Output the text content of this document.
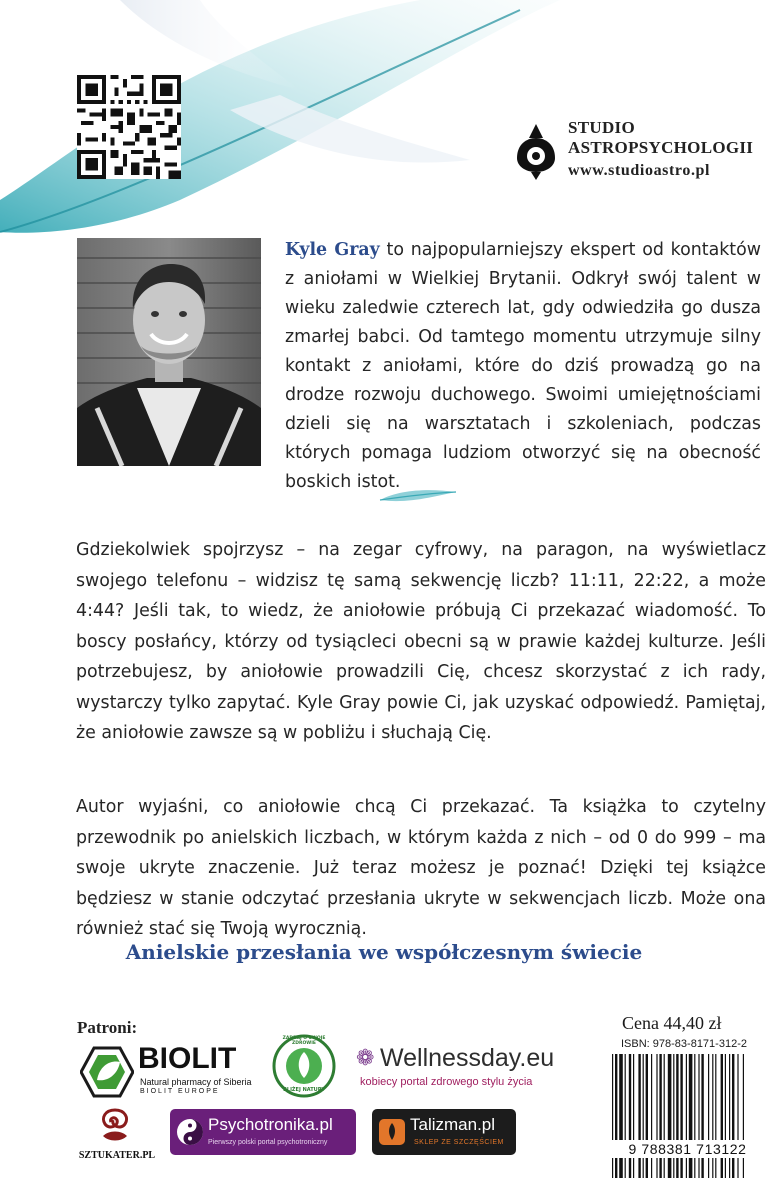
STUDIO
ASTROPSYCHOLOGII
www.studioastro.pl
Kyle Gray to najpopularniejszy ekspert od kontaktów z aniołami w Wielkiej Brytanii. Odkrył swój talent w wieku zaledwie czterech lat, gdy odwiedziła go dusza zmarłej babci. Od tamtego momentu utrzymuje silny kontakt z aniołami, które do dziś prowadzą go na drodze rozwoju duchowego. Swoimi umiejętnościami dzieli się na warsztatach i szkoleniach, podczas których pomaga ludziom otworzyć się na obecność boskich istot.

Gdziekolwiek spojrzysz – na zegar cyfrowy, na paragon, na wyświetlacz swojego telefonu – widzisz tę samą sekwencję liczb? 11:11, 22:22, a może 4:44? Jeśli tak, to wiedz, że aniołowie próbują Ci przekazać wiadomość. To boscy posłańcy, którzy od tysiącleci obecni są w prawie każdej kulturze. Jeśli potrzebujesz, by aniołowie prowadzili Cię, chcesz skorzystać z ich rady, wystarczy tylko zapytać. Kyle Gray powie Ci, jak uzyskać odpowiedź. Pamiętaj, że aniołowie zawsze są w pobliżu i słuchają Cię.

Autor wyjaśni, co aniołowie chcą Ci przekazać. Ta książka to czytelny przewodnik po anielskich liczbach, w którym każda z nich – od 0 do 999 – ma swoje ukryte znaczenie. Już teraz możesz je poznać! Dzięki tej książce będziesz w stanie odczytać przesłania ukryte w sekwencjach liczb. Może ona również stać się Twoją wyrocznią.

Anielskie przesłania we współczesnym świecie
Patroni:
BIOLIT
Natural pharmacy of Siberia
BIOLIT EUROPE
ZADBAJ O SWOJE ZDROWIE
BLIŻEJ NATURY
❁ Wellnessday.eu
kobiecy portal zdrowego stylu życia
SZTUKATER.PL
Psychotronika.pl
Pierwszy polski portal psychotroniczny
Talizman.pl
SKLEP ZE SZCZĘŚCIEM
Cena 44,40 zł
ISBN: 978-83-8171-312-2
9 788381 713122
